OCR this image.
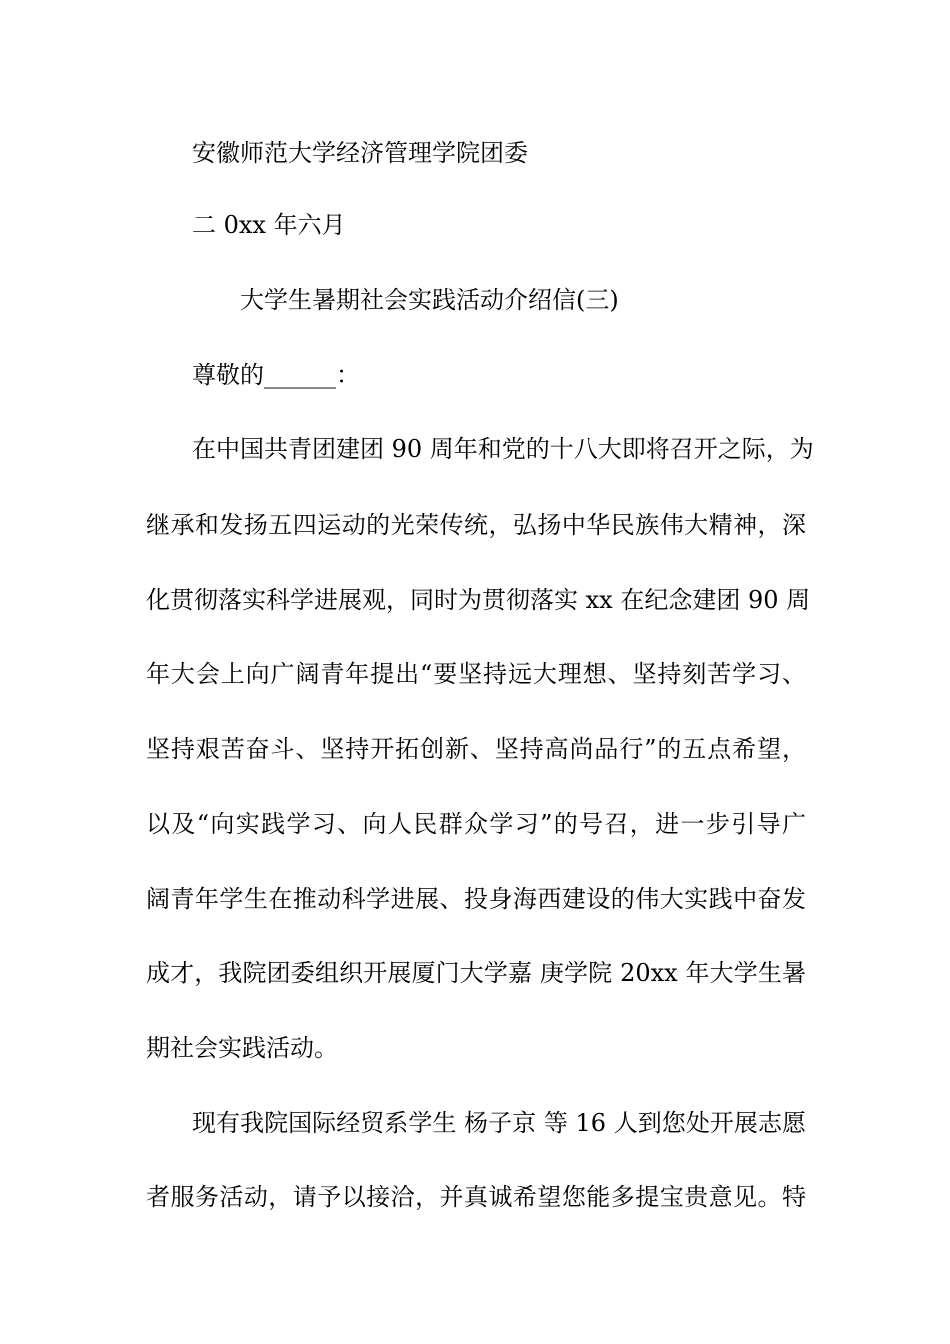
安徽师范大学经济管理学院团委
二 0xx 年六月
大学生暑期社会实践活动介绍信(三)
尊敬的______：
在中国共青团建团 90 周年和党的十八大即将召开之际，为
继承和发扬五四运动的光荣传统，弘扬中华民族伟大精神，深
化贯彻落实科学进展观，同时为贯彻落实 xx 在纪念建团 90 周
年大会上向广阔青年提出“要坚持远大理想、坚持刻苦学习、
坚持艰苦奋斗、坚持开拓创新、坚持高尚品行”的五点希望，
以及“向实践学习、向人民群众学习”的号召，进一步引导广
阔青年学生在推动科学进展、投身海西建设的伟大实践中奋发
成才，我院团委组织开展厦门大学嘉 庚学院 20xx 年大学生暑
期社会实践活动。
现有我院国际经贸系学生 杨子京 等 16 人到您处开展志愿
者服务活动，请予以接洽，并真诚希望您能多提宝贵意见。特
